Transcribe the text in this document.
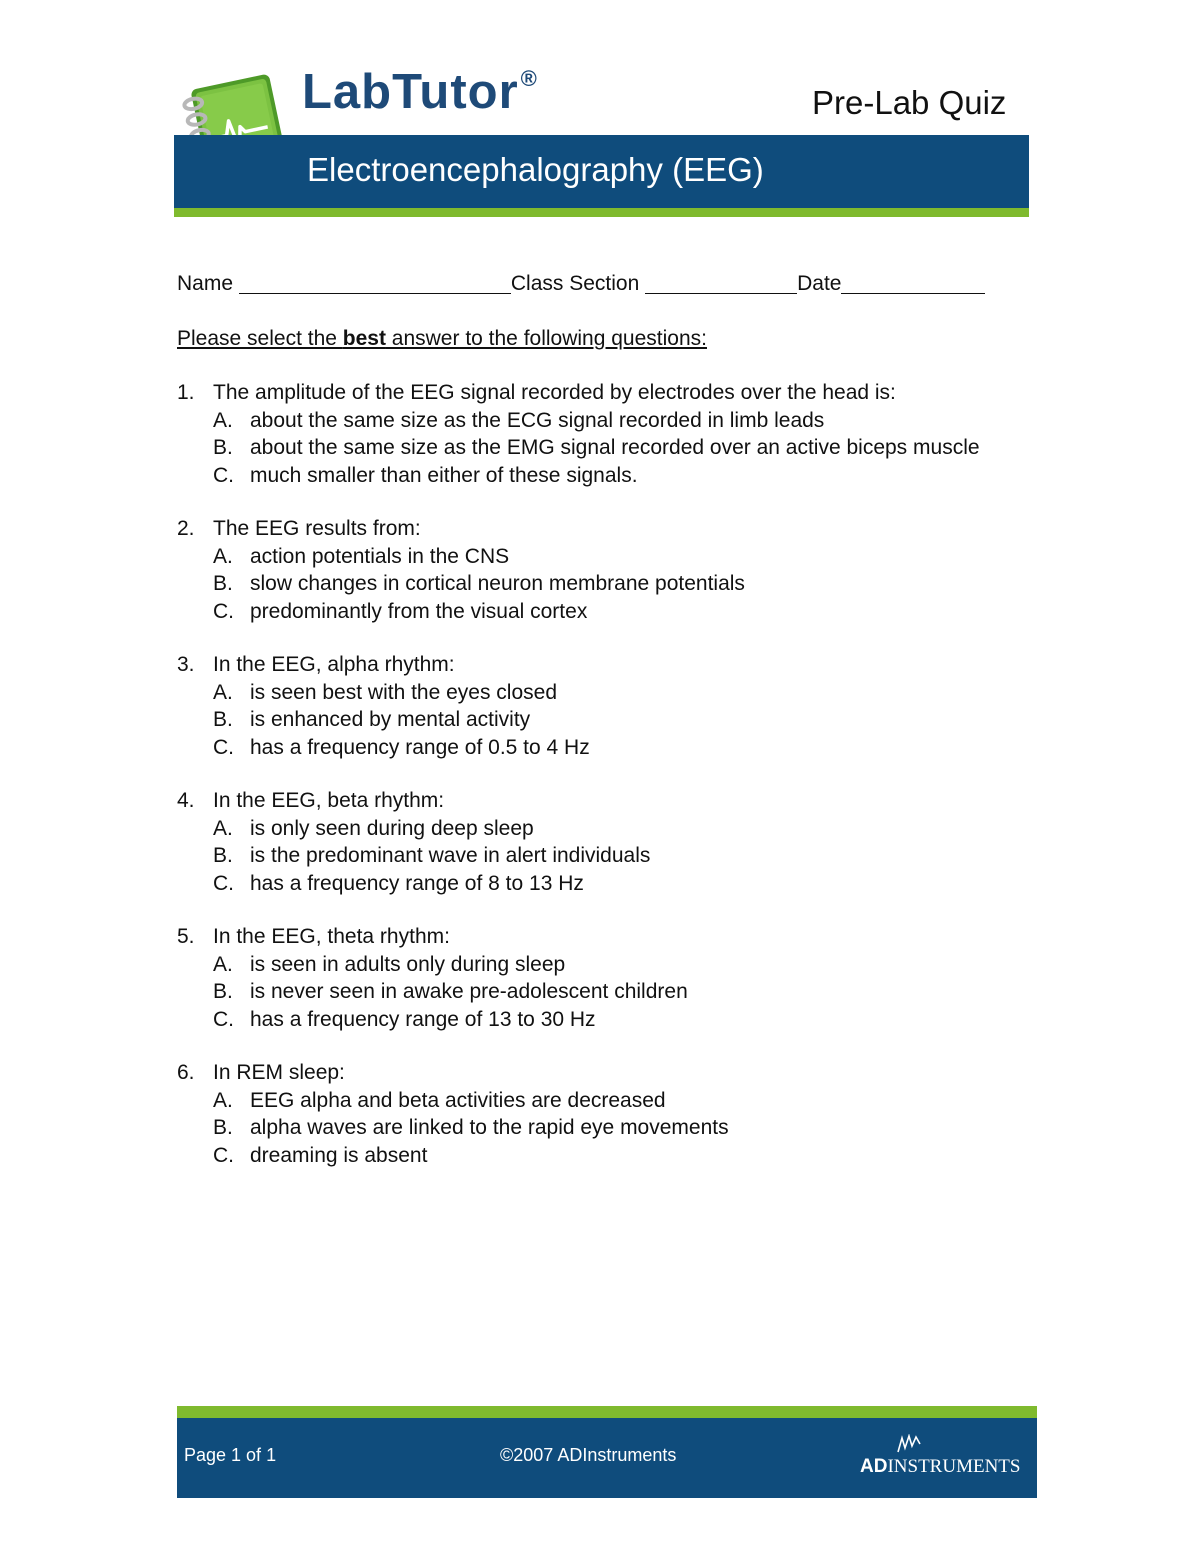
LabTutor®
Pre-Lab Quiz
Electroencephalography (EEG)
Name	Class Section	Date
Please select the best answer to the following questions:
1. The amplitude of the EEG signal recorded by electrodes over the head is:
A. about the same size as the ECG signal recorded in limb leads
B. about the same size as the EMG signal recorded over an active biceps muscle
C. much smaller than either of these signals.
2. The EEG results from:
A. action potentials in the CNS
B. slow changes in cortical neuron membrane potentials
C. predominantly from the visual cortex
3. In the EEG, alpha rhythm:
A. is seen best with the eyes closed
B. is enhanced by mental activity
C. has a frequency range of 0.5 to 4 Hz
4. In the EEG, beta rhythm:
A. is only seen during deep sleep
B. is the predominant wave in alert individuals
C. has a frequency range of 8 to 13 Hz
5. In the EEG, theta rhythm:
A. is seen in adults only during sleep
B. is never seen in awake pre-adolescent children
C. has a frequency range of 13 to 30 Hz
6. In REM sleep:
A. EEG alpha and beta activities are decreased
B. alpha waves are linked to the rapid eye movements
C. dreaming is absent
Page 1 of 1	©2007 ADInstruments
ADINSTRUMENTS
